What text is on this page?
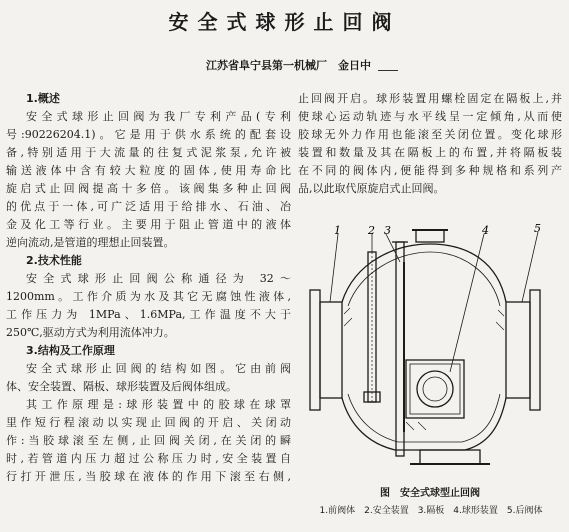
安全式球形止回阀
江苏省阜宁县第一机械厂　金日中
1.概述
安全式球形止回阀为我厂专利产品(专利
号:90226204.1)。它是用于供水系统的配套设
备,特别适用于大流量的往复式泥浆泵,允许被
输送液体中含有较大粒度的固体,使用寿命比
旋启式止回阀提高十多倍。该阀集多种止回阀
的优点于一体,可广泛适用于给排水、石油、冶
金及化工等行业。主要用于阻止管道中的液体
逆向流动,是管道的理想止回装置。
2.技术性能
安全式球形止回阀公称通径为 32～
1200mm。工作介质为水及其它无腐蚀性液体,
工作压力为 1MPa、1.6MPa,工作温度不大于
250℃,驱动方式为利用流体冲力。
3.结构及工作原理
安全式球形止回阀的结构如图。它由前阀
体、安全装置、隔板、球形装置及后阀体组成。
其工作原理是:球形装置中的胶球在球罩
里作短行程滚动以实现止回阀的开启、关闭动
作:当胶球滚至左侧,止回阀关闭,在关闭的瞬
时,若管道内压力超过公称压力时,安全装置自
行打开泄压,当胶球在液体的作用下滚至右侧,
止回阀开启。球形装置用螺栓固定在隔板上,并
使球心运动轨迹与水平线呈一定倾角,从而使
胶球无外力作用也能滚至关闭位置。变化球形
装置和数量及其在隔板上的布置,并将隔板装
在不同的阀体内,便能得到多种规格和系列产
品,以此取代原旋启式止回阀。
1 2 3	4	5
图　安全式球型止回阀
1.前阀体　2.安全装置　3.隔板　4.球形装置　5.后阀体
